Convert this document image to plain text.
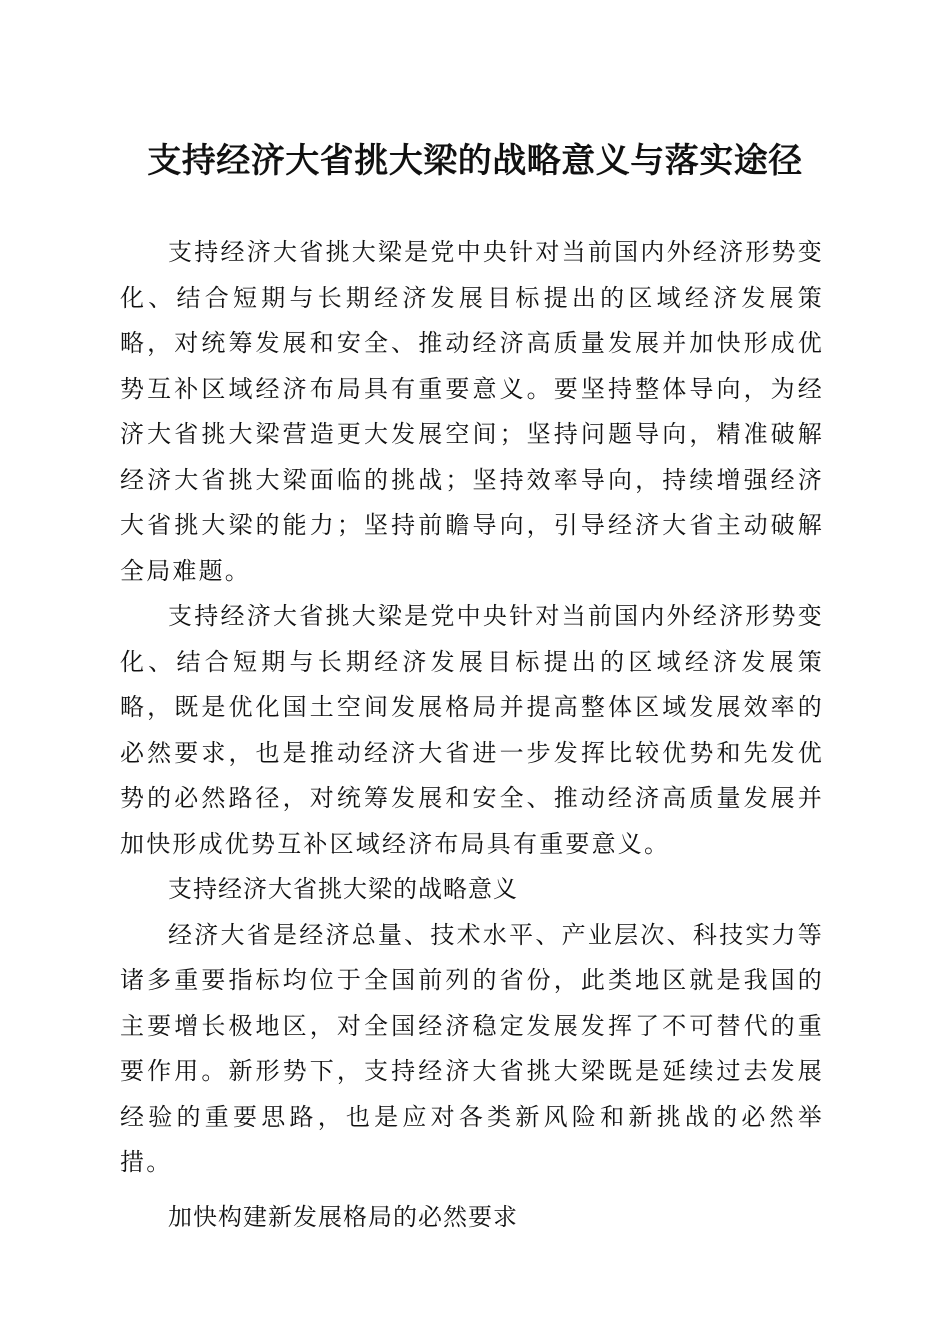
支持经济大省挑大梁的战略意义与落实途径

支持经济大省挑大梁是党中央针对当前国内外经济形势变化、结合短期与长期经济发展目标提出的区域经济发展策略，对统筹发展和安全、推动经济高质量发展并加快形成优势互补区域经济布局具有重要意义。要坚持整体导向，为经济大省挑大梁营造更大发展空间；坚持问题导向，精准破解经济大省挑大梁面临的挑战；坚持效率导向，持续增强经济大省挑大梁的能力；坚持前瞻导向，引导经济大省主动破解全局难题。

支持经济大省挑大梁是党中央针对当前国内外经济形势变化、结合短期与长期经济发展目标提出的区域经济发展策略，既是优化国土空间发展格局并提高整体区域发展效率的必然要求，也是推动经济大省进一步发挥比较优势和先发优势的必然路径，对统筹发展和安全、推动经济高质量发展并加快形成优势互补区域经济布局具有重要意义。

支持经济大省挑大梁的战略意义

经济大省是经济总量、技术水平、产业层次、科技实力等诸多重要指标均位于全国前列的省份，此类地区就是我国的主要增长极地区，对全国经济稳定发展发挥了不可替代的重要作用。新形势下，支持经济大省挑大梁既是延续过去发展经验的重要思路，也是应对各类新风险和新挑战的必然举措。

加快构建新发展格局的必然要求
